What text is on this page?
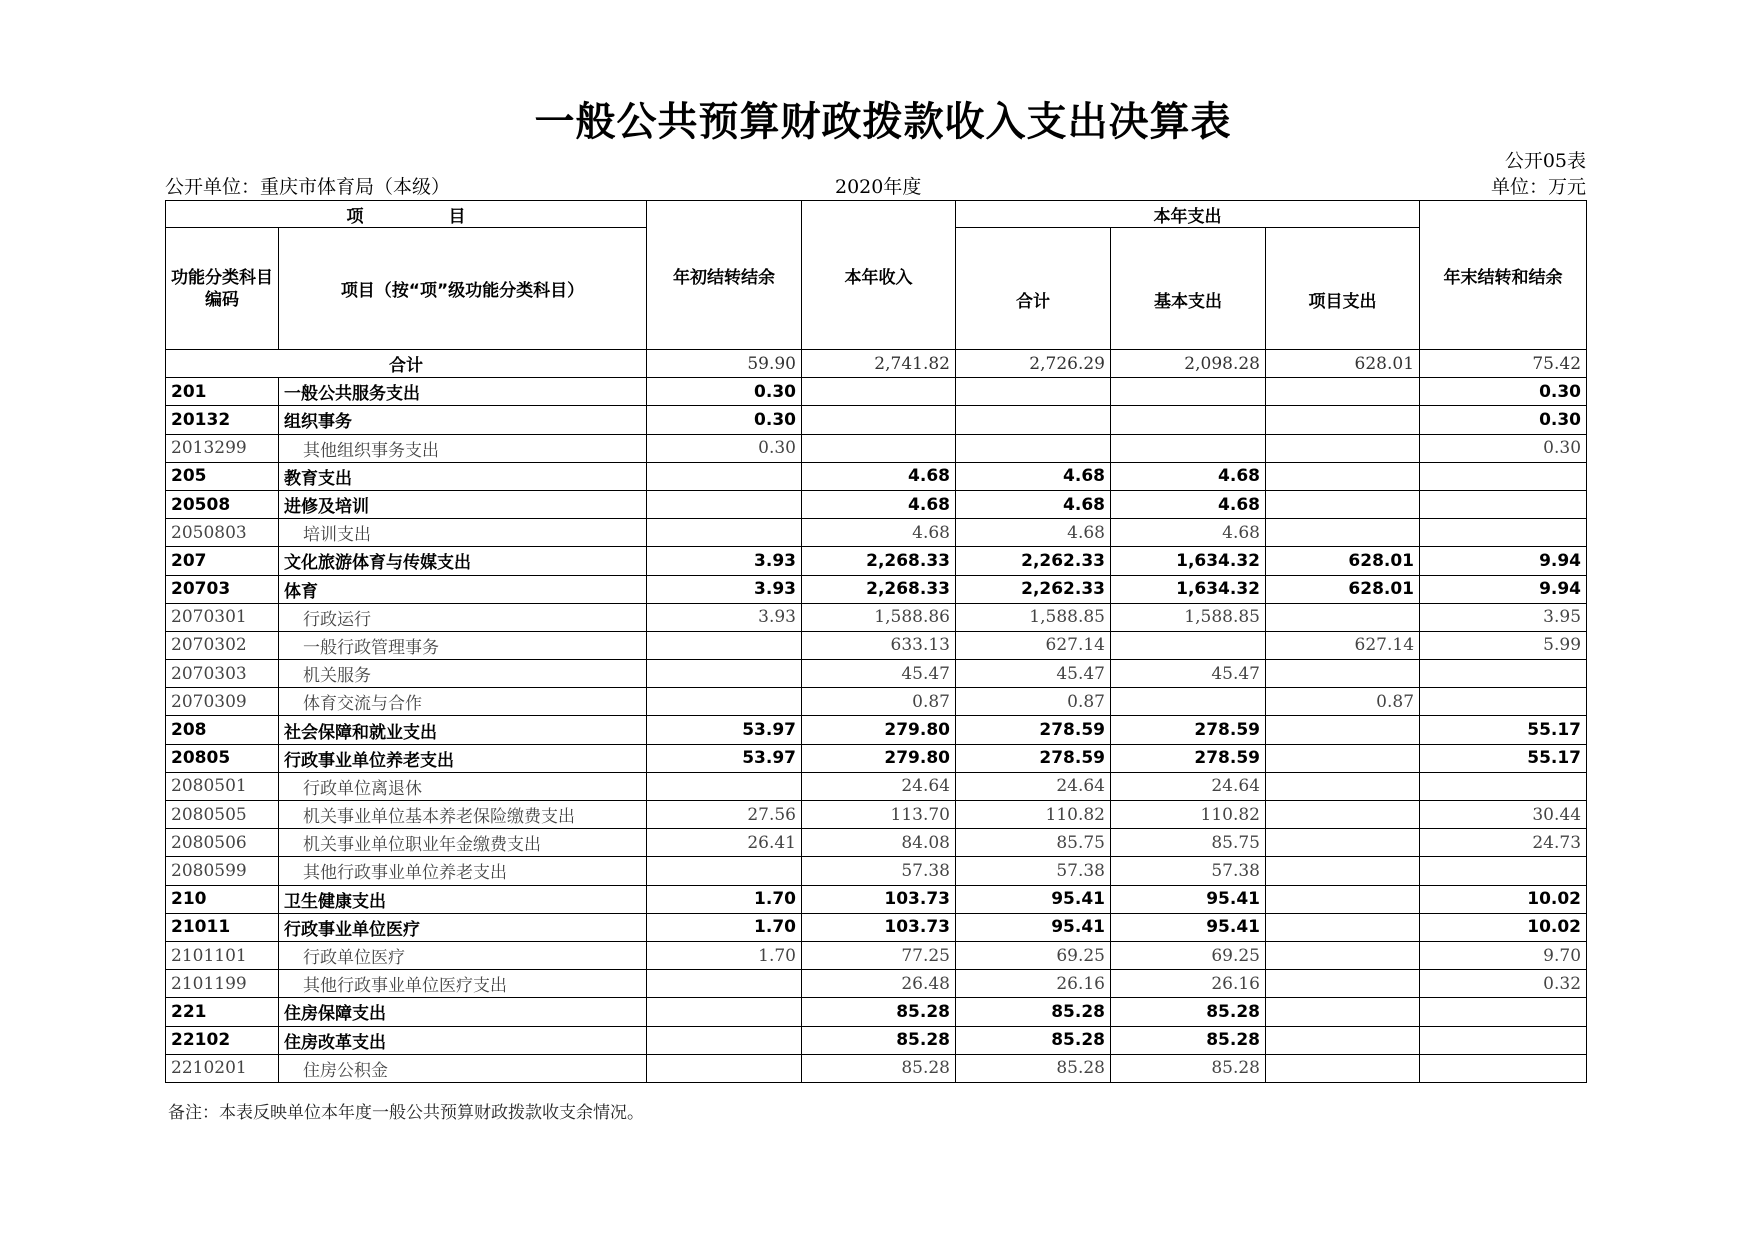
一般公共预算财政拨款收入支出决算表
公开05表
公开单位：重庆市体育局（本级）	2020年度	单位：万元
项　　　　　目		年初结转结余	本年收入	本年支出			年末结转和结余
功能分类科目编码	项目（按“项”级功能分类科目）			合计	基本支出	项目支出	
合计		59.90	2,741.82	2,726.29	2,098.28	628.01	75.42
201	一般公共服务支出	0.30					0.30
20132	组织事务	0.30					0.30
2013299	其他组织事务支出	0.30					0.30
205	教育支出		4.68	4.68	4.68		
20508	进修及培训		4.68	4.68	4.68		
2050803	培训支出		4.68	4.68	4.68		
207	文化旅游体育与传媒支出	3.93	2,268.33	2,262.33	1,634.32	628.01	9.94
20703	体育	3.93	2,268.33	2,262.33	1,634.32	628.01	9.94
2070301	行政运行	3.93	1,588.86	1,588.85	1,588.85		3.95
2070302	一般行政管理事务		633.13	627.14		627.14	5.99
2070303	机关服务		45.47	45.47	45.47		
2070309	体育交流与合作		0.87	0.87		0.87	
208	社会保障和就业支出	53.97	279.80	278.59	278.59		55.17
20805	行政事业单位养老支出	53.97	279.80	278.59	278.59		55.17
2080501	行政单位离退休		24.64	24.64	24.64		
2080505	机关事业单位基本养老保险缴费支出	27.56	113.70	110.82	110.82		30.44
2080506	机关事业单位职业年金缴费支出	26.41	84.08	85.75	85.75		24.73
2080599	其他行政事业单位养老支出		57.38	57.38	57.38		
210	卫生健康支出	1.70	103.73	95.41	95.41		10.02
21011	行政事业单位医疗	1.70	103.73	95.41	95.41		10.02
2101101	行政单位医疗	1.70	77.25	69.25	69.25		9.70
2101199	其他行政事业单位医疗支出		26.48	26.16	26.16		0.32
221	住房保障支出		85.28	85.28	85.28		
22102	住房改革支出		85.28	85.28	85.28		
2210201	住房公积金		85.28	85.28	85.28		
备注：本表反映单位本年度一般公共预算财政拨款收支余情况。
